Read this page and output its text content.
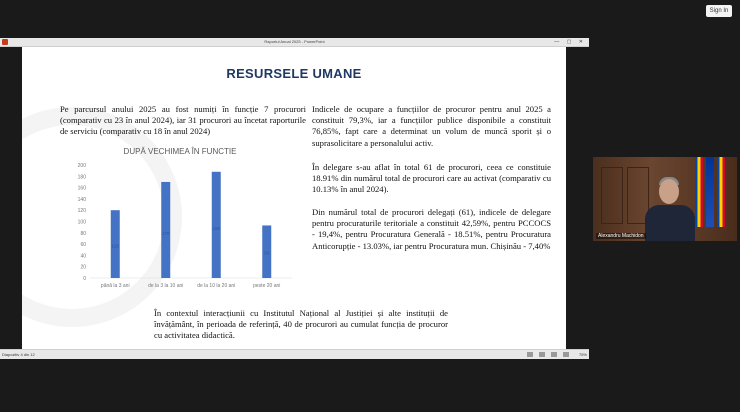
Sign In
Raportul Anual 2025 - PowerPoint	— ▢ ✕
RESURSELE UMANE

Pe parcursul anului 2025 au fost numiți în funcție 7 procurori (comparativ cu 23 în anul 2024), iar 31 procurori au încetat raporturile de serviciu (comparativ cu 18 în anul 2024)

Indicele de ocupare a funcțiilor de procuror pentru anul 2025 a constituit 79,3%, iar a funcțiilor publice disponibile a constituit 76,85%, fapt care a determinat un volum de muncă sporit și o suprasolicitare a personalului activ.

În delegare s-au aflat în total 61 de procurori, ceea ce constituie 18.91% din numărul total de procurori care au activat (comparativ cu 10.13% în anul 2024).

Din numărul total de procurori delegați (61), indicele de delegare pentru procuraturile teritoriale a constituit 42,59%, pentru PCCOCS - 19,4%, pentru Procuratura Generală - 18.51%, pentru Procuratura Anticorupție - 13.03%, iar pentru Procuratura mun. Chișinău - 7,40%

În contextul interacțiunii cu Institutul Național al Justiției și alte instituții de învățământ, în perioada de referință, 40 de procurori au cumulat funcția de procuror cu activitatea didactică.

DUPĂ VECHIMEA ÎN FUNCTIE
0
20
40
60
80
100
120
140
160
180
200
120
până la 3 ani
170
de la 3 la 10 ani
188
de la 10 la 20 ani
93
peste 20 ani
Diapozitiv 4 din 12	75%
Alexandru Machidon
